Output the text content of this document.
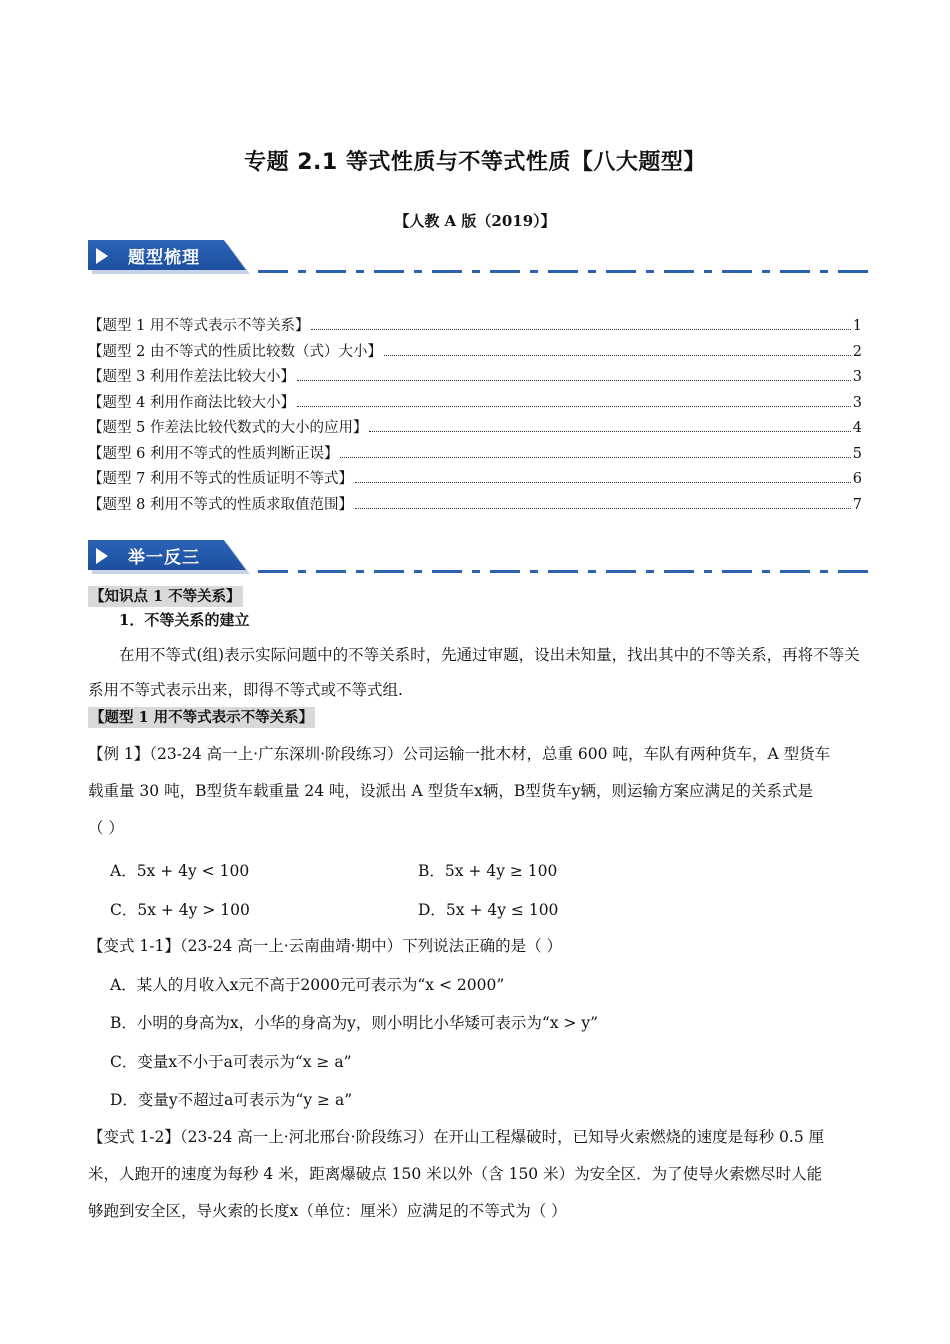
专题 2.1 等式性质与不等式性质【八大题型】
【人教 A 版（2019）】
题型梳理
【题型 1 用不等式表示不等关系】	1
【题型 2 由不等式的性质比较数（式）大小】	2
【题型 3 利用作差法比较大小】	3
【题型 4 利用作商法比较大小】	3
【题型 5 作差法比较代数式的大小的应用】	4
【题型 6 利用不等式的性质判断正误】	5
【题型 7 利用不等式的性质证明不等式】	6
【题型 8 利用不等式的性质求取值范围】	7
举一反三
【知识点 1 不等关系】
1．不等关系的建立
在用不等式(组)表示实际问题中的不等关系时，先通过审题，设出未知量，找出其中的不等关系，再将不等关系用不等式表示出来，即得不等式或不等式组.
【题型 1 用不等式表示不等关系】
【例 1】（23-24 高一上·广东深圳·阶段练习）公司运输一批木材，总重 600 吨，车队有两种货车，A 型货车
载重量 30 吨，B型货车载重量 24 吨，设派出 A 型货车x辆，B型货车y辆，则运输方案应满足的关系式是
（ ）
A．5x + 4y < 100	B．5x + 4y ≥ 100
C．5x + 4y > 100	D．5x + 4y ≤ 100
【变式 1-1】（23-24 高一上·云南曲靖·期中）下列说法正确的是（ ）
A．某人的月收入x元不高于2000元可表示为“x < 2000”
B．小明的身高为x，小华的身高为y，则小明比小华矮可表示为“x > y”
C．变量x不小于a可表示为“x ≥ a”
D．变量y不超过a可表示为“y ≥ a”
【变式 1-2】（23-24 高一上·河北邢台·阶段练习）在开山工程爆破时，已知导火索燃烧的速度是每秒 0.5 厘
米，人跑开的速度为每秒 4 米，距离爆破点 150 米以外（含 150 米）为安全区．为了使导火索燃尽时人能
够跑到安全区，导火索的长度x（单位：厘米）应满足的不等式为（ ）
